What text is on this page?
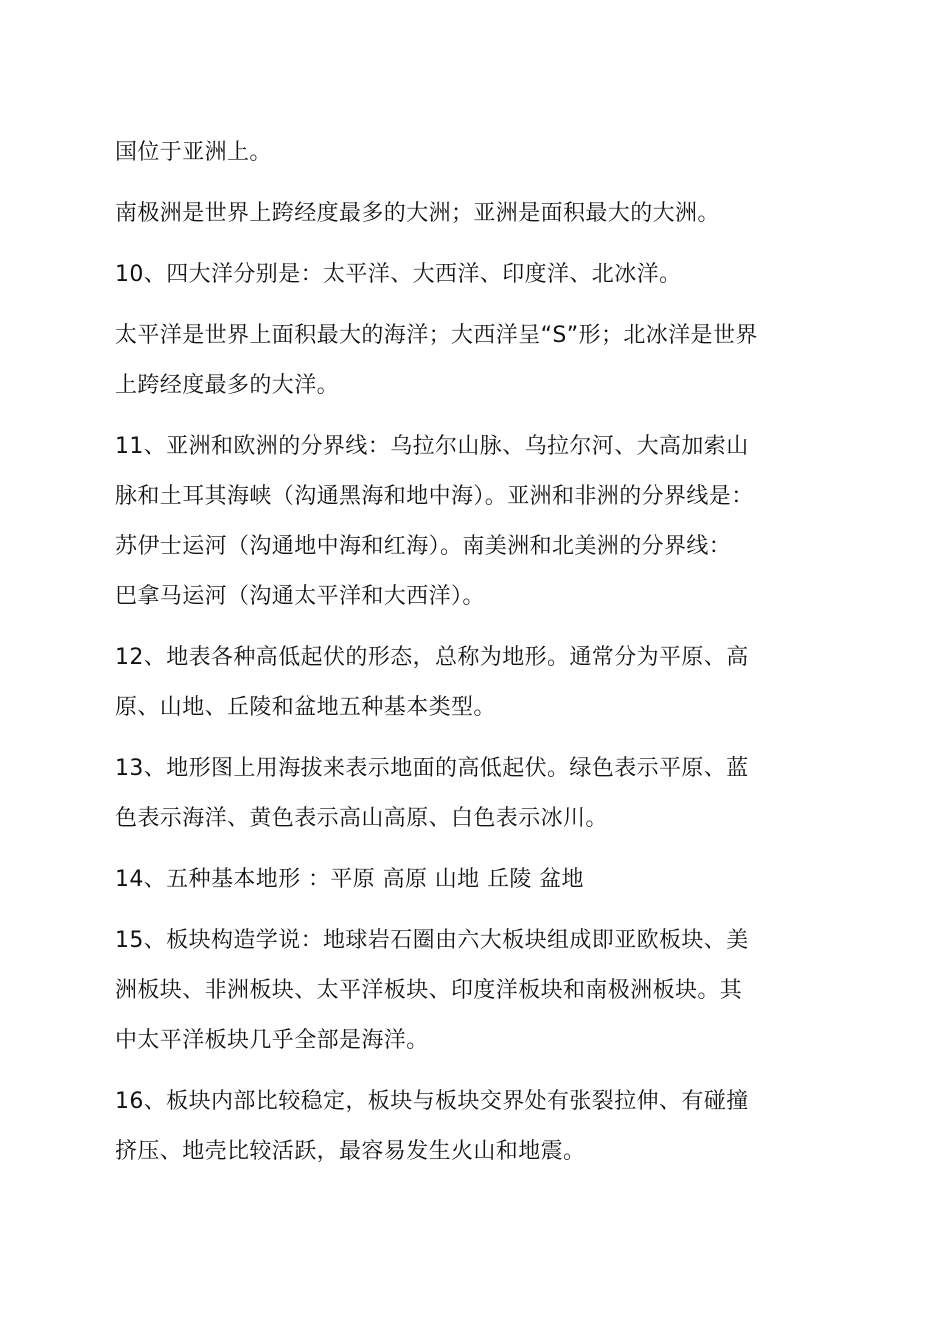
国位于亚洲上。

南极洲是世界上跨经度最多的大洲；亚洲是面积最大的大洲。

10、四大洋分别是：太平洋、大西洋、印度洋、北冰洋。

太平洋是世界上面积最大的海洋；大西洋呈“S”形；北冰洋是世界
上跨经度最多的大洋。

11、亚洲和欧洲的分界线：乌拉尔山脉、乌拉尔河、大高加索山
脉和土耳其海峡（沟通黑海和地中海）。亚洲和非洲的分界线是：
苏伊士运河（沟通地中海和红海）。南美洲和北美洲的分界线：
巴拿马运河（沟通太平洋和大西洋）。

12、地表各种高低起伏的形态，总称为地形。通常分为平原、高
原、山地、丘陵和盆地五种基本类型。

13、地形图上用海拔来表示地面的高低起伏。绿色表示平原、蓝
色表示海洋、黄色表示高山高原、白色表示冰川。

14、五种基本地形 ：平原 高原 山地 丘陵 盆地

15、板块构造学说：地球岩石圈由六大板块组成即亚欧板块、美
洲板块、非洲板块、太平洋板块、印度洋板块和南极洲板块。其
中太平洋板块几乎全部是海洋。

16、板块内部比较稳定，板块与板块交界处有张裂拉伸、有碰撞
挤压、地壳比较活跃，最容易发生火山和地震。
